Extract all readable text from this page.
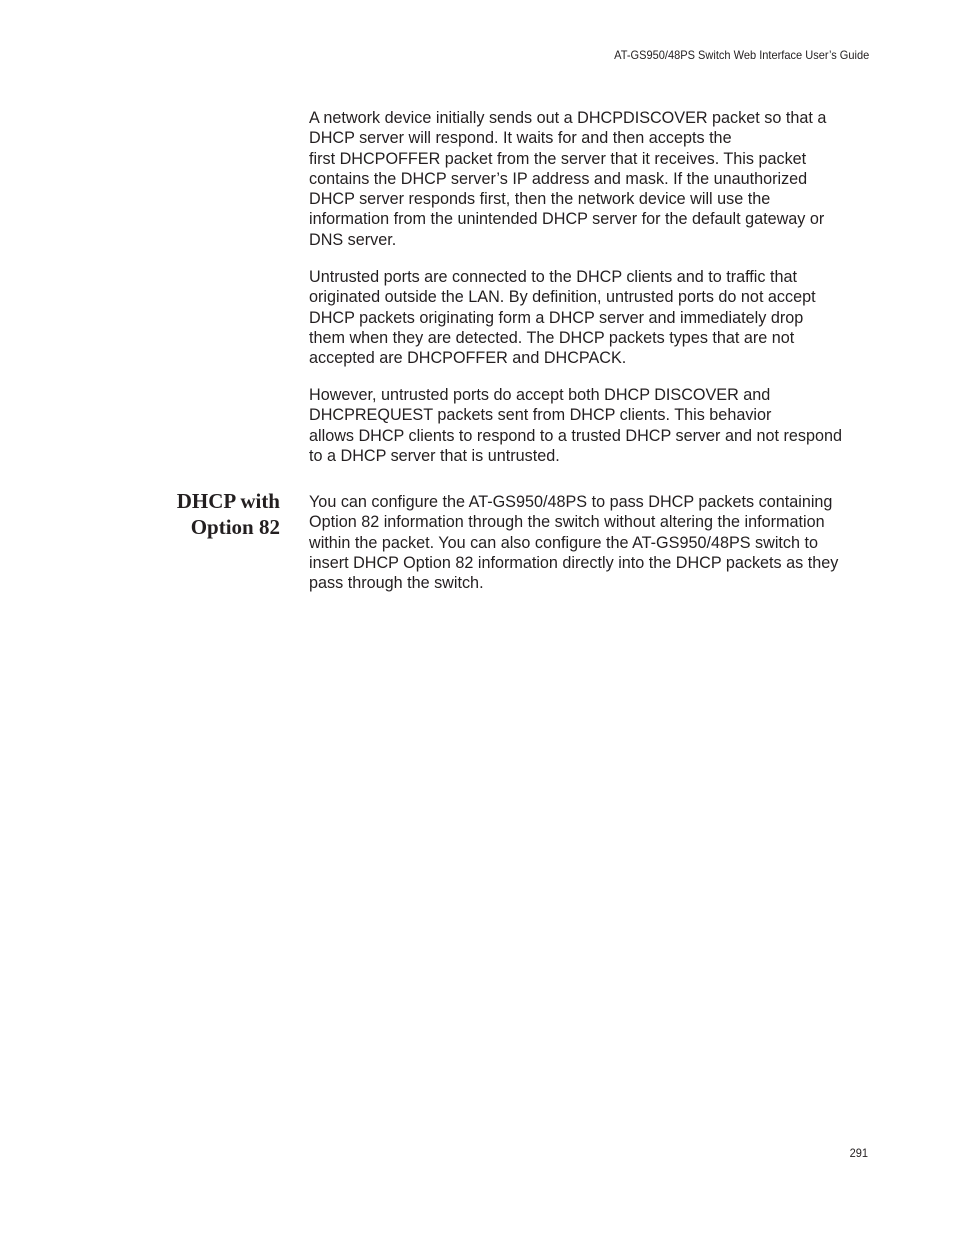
AT-GS950/48PS Switch Web Interface User’s Guide

A network device initially sends out a DHCPDISCOVER packet so that a
DHCP server will respond. It waits for and then accepts the
first DHCPOFFER packet from the server that it receives. This packet
contains the DHCP server’s IP address and mask. If the unauthorized
DHCP server responds first, then the network device will use the
information from the unintended DHCP server for the default gateway or
DNS server.

Untrusted ports are connected to the DHCP clients and to traffic that
originated outside the LAN. By definition, untrusted ports do not accept
DHCP packets originating form a DHCP server and immediately drop
them when they are detected. The DHCP packets types that are not
accepted are DHCPOFFER and DHCPACK.

However, untrusted ports do accept both DHCP DISCOVER and
DHCPREQUEST packets sent from DHCP clients. This behavior
allows DHCP clients to respond to a trusted DHCP server and not respond
to a DHCP server that is untrusted.

DHCP with
Option 82

You can configure the AT-GS950/48PS to pass DHCP packets containing
Option 82 information through the switch without altering the information
within the packet. You can also configure the AT-GS950/48PS switch to
insert DHCP Option 82 information directly into the DHCP packets as they
pass through the switch.

291
